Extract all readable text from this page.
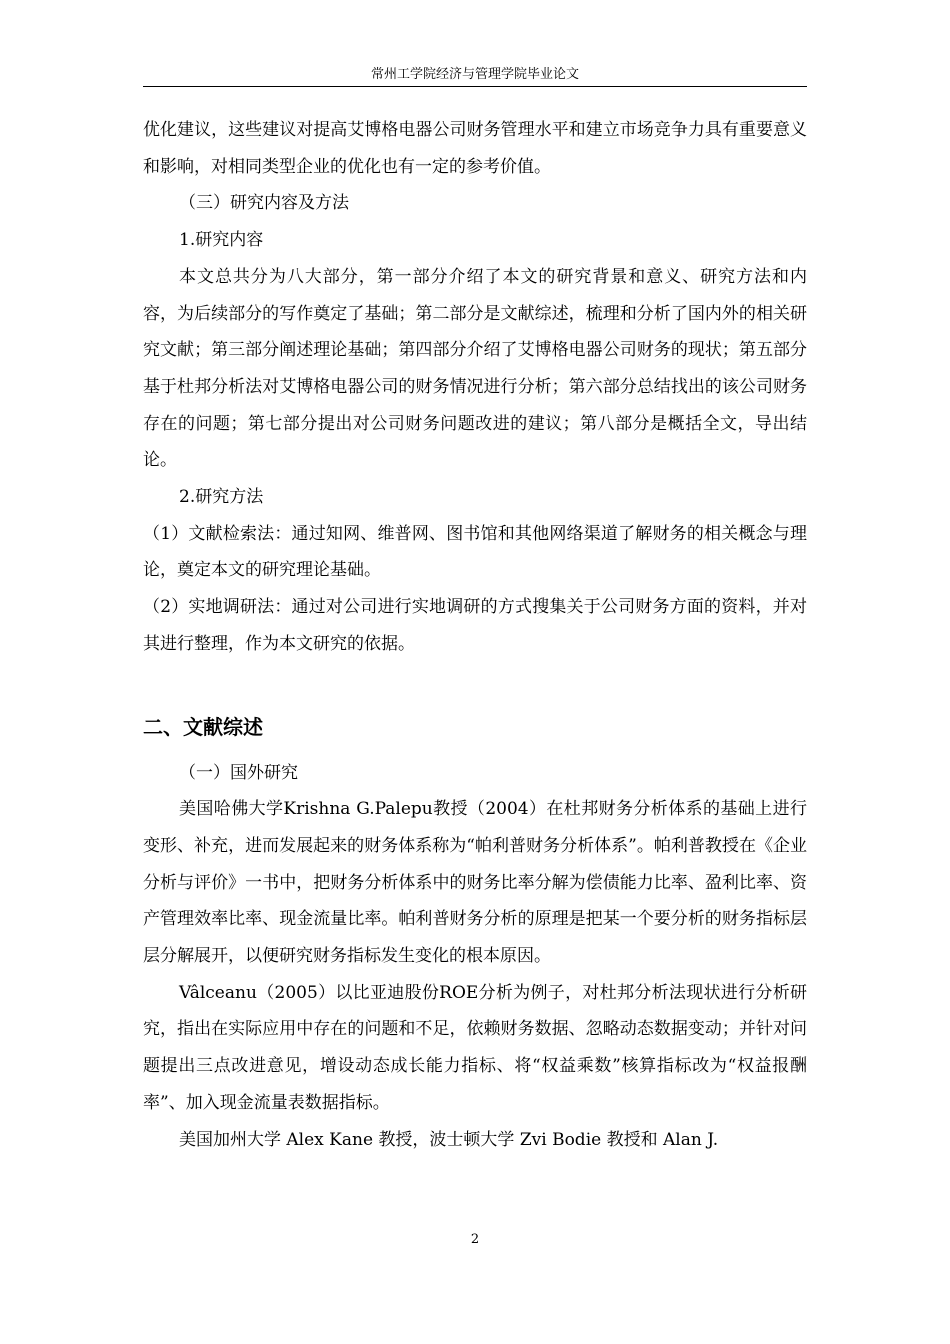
常州工学院经济与管理学院毕业论文

优化建议，这些建议对提高艾博格电器公司财务管理水平和建立市场竞争力具有重要意义和影响，对相同类型企业的优化也有一定的参考价值。

（三）研究内容及方法

1.研究内容

本文总共分为八大部分，第一部分介绍了本文的研究背景和意义、研究方法和内容，为后续部分的写作奠定了基础；第二部分是文献综述，梳理和分析了国内外的相关研究文献；第三部分阐述理论基础；第四部分介绍了艾博格电器公司财务的现状；第五部分基于杜邦分析法对艾博格电器公司的财务情况进行分析；第六部分总结找出的该公司财务存在的问题；第七部分提出对公司财务问题改进的建议；第八部分是概括全文，导出结论。

2.研究方法

（1）文献检索法：通过知网、维普网、图书馆和其他网络渠道了解财务的相关概念与理论，奠定本文的研究理论基础。

（2）实地调研法：通过对公司进行实地调研的方式搜集关于公司财务方面的资料，并对其进行整理，作为本文研究的依据。

二、文献综述

（一）国外研究

美国哈佛大学Krishna G.Palepu教授（2004）在杜邦财务分析体系的基础上进行变形、补充，进而发展起来的财务体系称为“帕利普财务分析体系”。帕利普教授在《企业分析与评价》一书中，把财务分析体系中的财务比率分解为偿债能力比率、盈利比率、资产管理效率比率、现金流量比率。帕利普财务分析的原理是把某一个要分析的财务指标层层分解展开，以便研究财务指标发生变化的根本原因。

Vâlceanu（2005）以比亚迪股份ROE分析为例子，对杜邦分析法现状进行分析研究，指出在实际应用中存在的问题和不足，依赖财务数据、忽略动态数据变动；并针对问题提出三点改进意见，增设动态成长能力指标、将“权益乘数”核算指标改为“权益报酬率”、加入现金流量表数据指标。

美国加州大学 Alex Kane 教授，波士顿大学 Zvi Bodie 教授和 Alan J.

2
